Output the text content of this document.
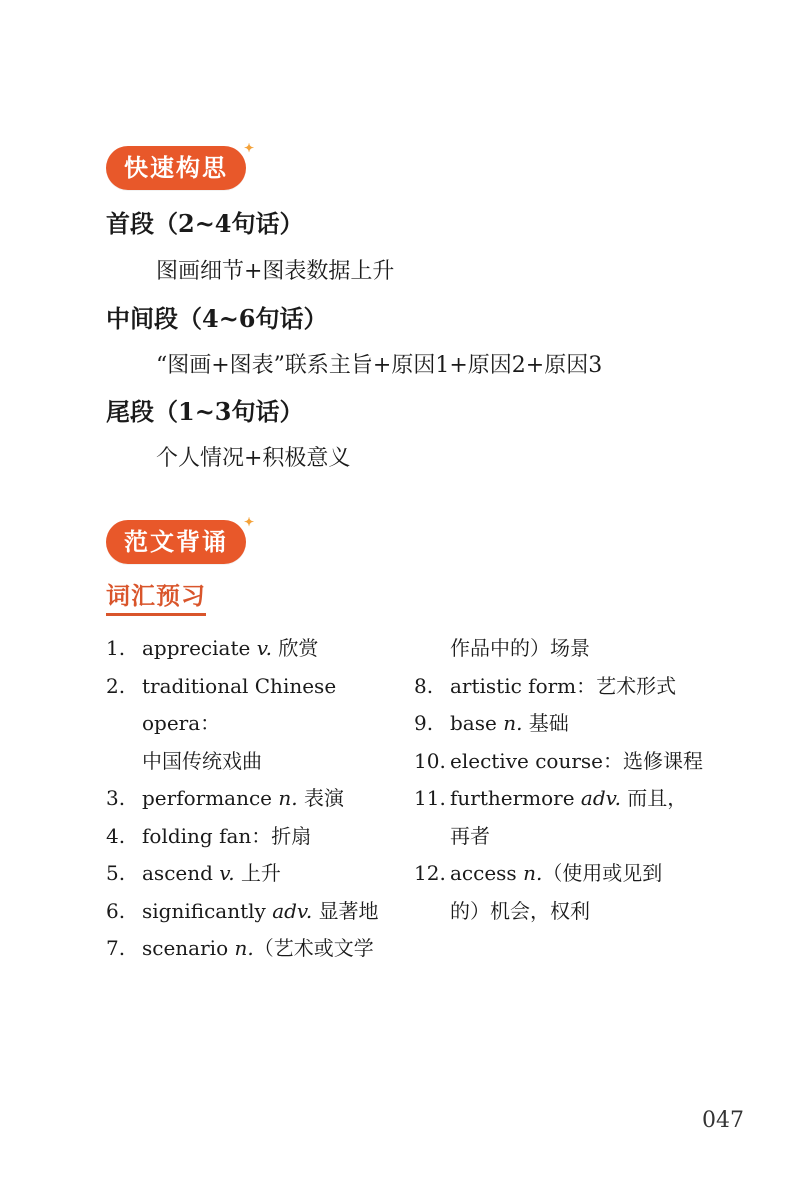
快速构思
✦
首段（2~4句话）
图画细节+图表数据上升
中间段（4~6句话）
“图画+图表”联系主旨+原因1+原因2+原因3
尾段（1~3句话）
个人情况+积极意义
范文背诵
✦
词汇预习
1. appreciate v. 欣赏
2. traditional Chinese opera：
中国传统戏曲
3. performance n. 表演
4. folding fan：折扇
5. ascend v. 上升
6. significantly adv. 显著地
7. scenario n.（艺术或文学
作品中的）场景
8. artistic form：艺术形式
9. base n. 基础
10. elective course：选修课程
11. furthermore adv. 而且，
再者
12. access n.（使用或见到
的）机会，权利
047
